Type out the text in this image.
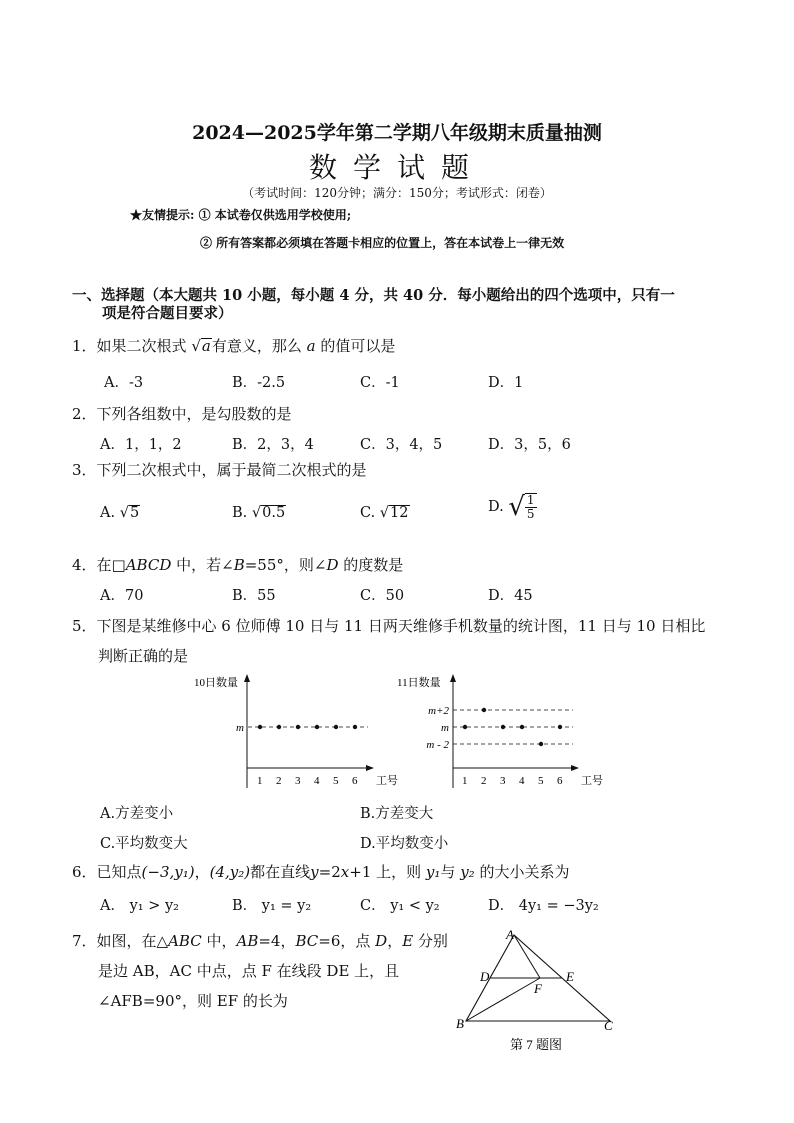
2024—2025学年第二学期八年级期末质量抽测
数学试题
（考试时间：120分钟；满分：150分；考试形式：闭卷）
★友情提示: ① 本试卷仅供选用学校使用;
② 所有答案都必须填在答题卡相应的位置上，答在本试卷上一律无效
一、选择题（本大题共 10 小题，每小题 4 分，共 40 分．每小题给出的四个选项中，只有一
项是符合题目要求）
1．如果二次根式 √a有意义，那么 a 的值可以是
A．-3	B．-2.5	C．-1	D．1
2．下列各组数中，是勾股数的是
A．1，1，2	B．2，3，4	C．3，4，5	D．3，5，6
3．下列二次根式中，属于最简二次根式的是
A. √5	B. √0.5	C. √12	D. √ $\frac{1}{5}$
4．在□ABCD 中，若∠B=55°，则∠D 的度数是
A．70	B．55	C．50	D．45
5．下图是某维修中心 6 位师傅 10 日与 11 日两天维修手机数量的统计图，11 日与 10 日相比
判断正确的是
10日数量
工号
1 2 3 4 5 6
m
11日数量
工号
1 2 3 4 5 6
m+2
m
m - 2
A.方差变小	B.方差变大
C.平均数变大	D.平均数变小
6．已知点(−3,y₁)，(4,y₂)都在直线y=2x+1 上，则 y₁与 y₂ 的大小关系为
A． y₁ > y₂	B． y₁ = y₂	C． y₁ < y₂	D． 4y₁ = −3y₂
7．如图，在△ABC 中，AB=4，BC=6，点 D，E 分别
是边 AB，AC 中点，点 F 在线段 DE 上，且
∠AFB=90°，则 EF 的长为
A
B	C
D	E
F
第 7 题图
